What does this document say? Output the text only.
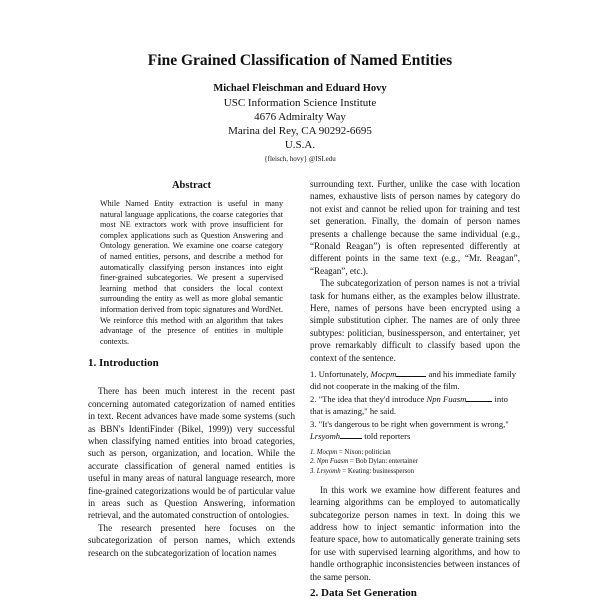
Fine Grained Classification of Named Entities
Michael Fleischman and Eduard Hovy
USC Information Science Institute
4676 Admiralty Way
Marina del Rey, CA 90292-6695
U.S.A.
{fleisch, hovy} @ISI.edu
Abstract

While Named Entity extraction is useful in many natural language applications, the coarse categories that most NE extractors work with prove insufficient for complex applications such as Question Answering and Ontology generation. We examine one coarse category of named entities, persons, and describe a method for automatically classifying person instances into eight finer-grained subcategories. We present a supervised learning method that considers the local context surrounding the entity as well as more global semantic information derived from topic signatures and WordNet. We reinforce this method with an algorithm that takes advantage of the presence of entities in multiple contexts.

1. Introduction

There has been much interest in the recent past concerning automated categorization of named entities in text. Recent advances have made some systems (such as BBN's IdentiFinder (Bikel, 1999)) very successful when classifying named entities into broad categories, such as person, organization, and location. While the accurate classification of general named entities is useful in many areas of natural language research, more fine-grained categorizations would be of particular value in areas such as Question Answering, information retrieval, and the automated construction of ontologies.

The research presented here focuses on the subcategorization of person names, which extends research on the subcategorization of location names

surrounding text. Further, unlike the case with location names, exhaustive lists of person names by category do not exist and cannot be relied upon for training and test set generation. Finally, the domain of person names presents a challenge because the same individual (e.g., “Ronald Reagan”) is often represented differently at different points in the same text (e.g., “Mr. Reagan”, “Reagan”, etc.).

The subcategorization of person names is not a trivial task for humans either, as the examples below illustrate. Here, names of persons have been encrypted using a simple substitution cipher. The names are of only three subtypes: politician, businessperson, and entertainer, yet prove remarkably difficult to classify based upon the context of the sentence.

1. Unfortunately, Mocpm	and his immediate family did not cooperate in the making of the film.

2. "The idea that they'd introduce Npn Fuasm	into that is amazing," he said.

3. "It's dangerous to be right when government is wrong," Lrsyomh	told reporters

1. Mocpm = Nixon: politician
2. Npn Fuasm = Bob Dylan: entertainer
3. Lrsyomh = Keating: businessperson

In this work we examine how different features and learning algorithms can be employed to automatically subcategorize person names in text. In doing this we address how to inject semantic information into the feature space, how to automatically generate training sets for use with supervised learning algorithms, and how to handle orthographic inconsistencies between instances of the same person.

2. Data Set Generation
